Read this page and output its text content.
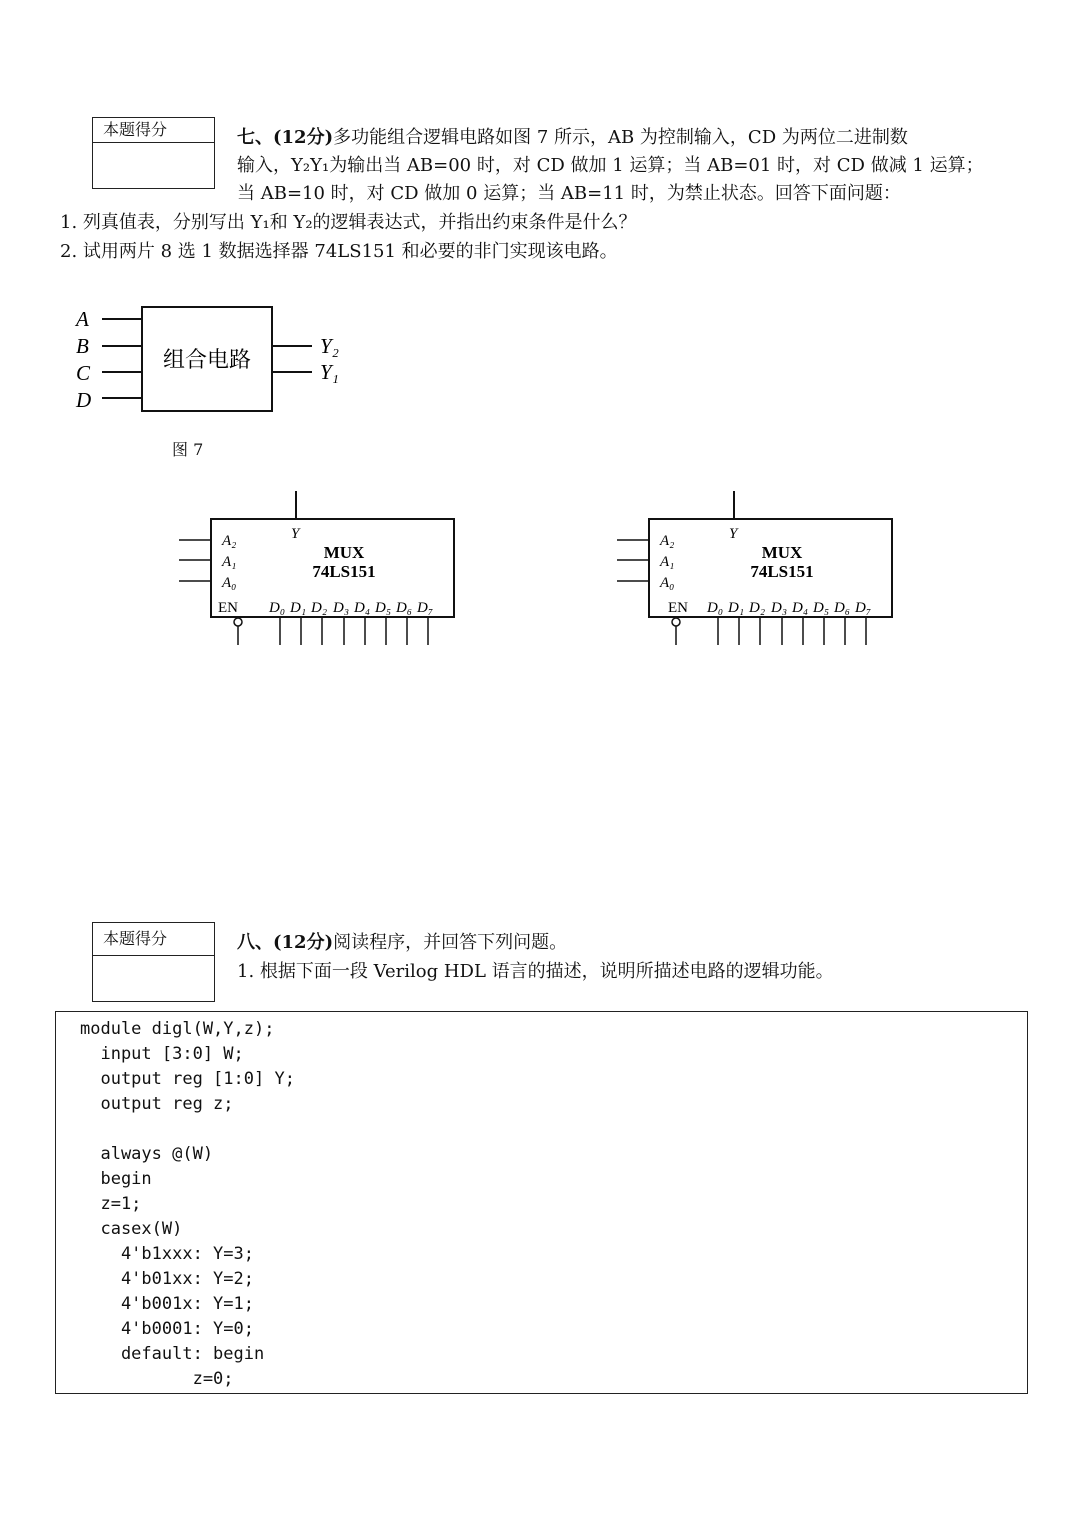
本题得分	七、(12分)多功能组合逻辑电路如图 7 所示，AB 为控制输入，CD 为两位二进制数
输入，Y₂Y₁为输出当 AB=00 时，对 CD 做加 1 运算；当 AB=01 时，对 CD 做减 1 运算；
当 AB=10 时，对 CD 做加 0 运算；当 AB=11 时，为禁止状态。回答下面问题：
1. 列真值表，分别写出 Y₁和 Y₂的逻辑表达式，并指出约束条件是什么？
2. 试用两片 8 选 1 数据选择器 74LS151 和必要的非门实现该电路。
A
B
C
D
组合电路
Y₂
Y₁
图 7
Y
MUX
74LS151
A₂
A₁
A₀
EN D₀ D₁ D₂ D₃ D₄ D₅ D₆ D₇
Y
MUX
74LS151
A₂
A₁
A₀
EN D₀ D₁ D₂ D₃ D₄ D₅ D₆ D₇
本题得分	八、(12分)阅读程序，并回答下列问题。
1. 根据下面一段 Verilog HDL 语言的描述，说明所描述电路的逻辑功能。
module digl(W,Y,z);
input [3:0] W;
output reg [1:0] Y;
output reg z;

always @(W)
begin
z=1;
casex(W)
4'b1xxx: Y=3;
4'b01xx: Y=2;
4'b001x: Y=1;
4'b0001: Y=0;
default: begin
z=0;
